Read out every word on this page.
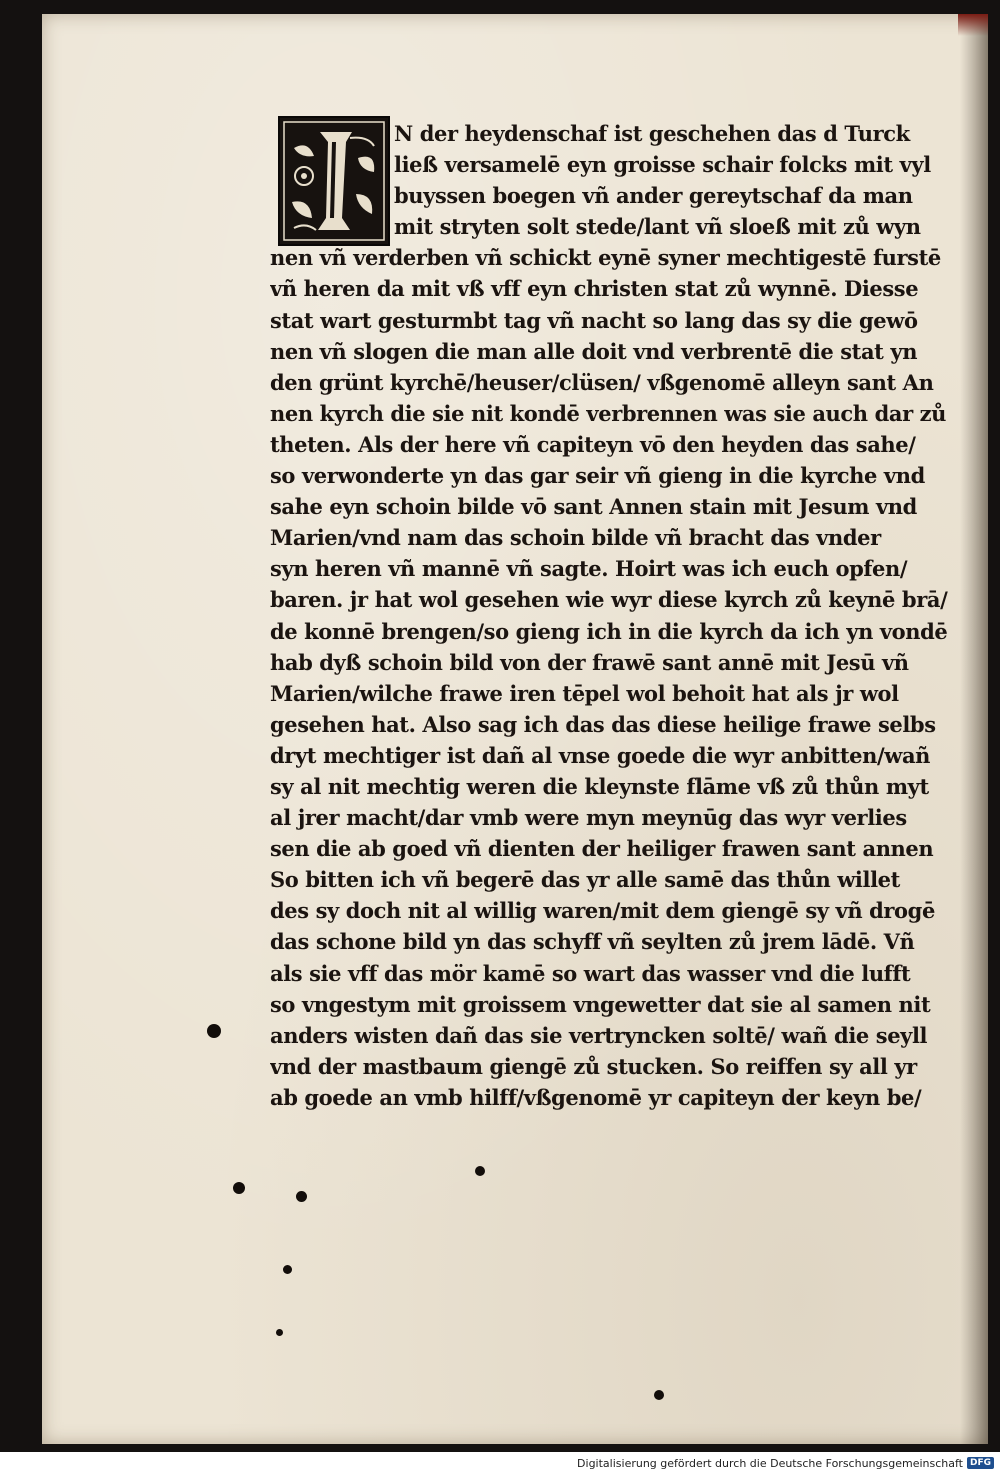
N der heydenschaf ist geschehen das d Turck
ließ versamelē eyn groisse schair folcks mit vyl
buyssen boegen vñ ander gereytschaf da man
mit stryten solt stede/lant vñ sloeß mit zů wyn
nen vñ verderben vñ schickt eynē syner mechtigestē furstē
vñ heren da mit vß vff eyn christen stat zů wynnē. Diesse
stat wart gesturmbt tag vñ nacht so lang das sy die gewō
nen vñ slogen die man alle doit vnd verbrentē die stat yn
den grünt kyrchē/heuser/clüsen/ vßgenomē alleyn sant An
nen kyrch die sie nit kondē verbrennen was sie auch dar zů
theten. Als der here vñ capiteyn vō den heyden das sahe/
so verwonderte yn das gar seir vñ gieng in die kyrche vnd
sahe eyn schoin bilde vō sant Annen stain mit Jesum vnd
Marien/vnd nam das schoin bilde vñ bracht das vnder
syn heren vñ mannē vñ sagte. Hoirt was ich euch opfen/
baren. jr hat wol gesehen wie wyr diese kyrch zů keynē brā/
de konnē brengen/so gieng ich in die kyrch da ich yn vondē
hab dyß schoin bild von der frawē sant annē mit Jesū vñ
Marien/wilche frawe iren tēpel wol behoit hat als jr wol
gesehen hat. Also sag ich das das diese heilige frawe selbs
dryt mechtiger ist dañ al vnse goede die wyr anbitten/wañ
sy al nit mechtig weren die kleynste flāme vß zů thůn myt
al jrer macht/dar vmb were myn meynūg das wyr verlies
sen die ab goed vñ dienten der heiliger frawen sant annen
So bitten ich vñ begerē das yr alle samē das thůn willet
des sy doch nit al willig waren/mit dem giengē sy vñ drogē
das schone bild yn das schyff vñ seylten zů jrem lādē. Vñ
als sie vff das mör kamē so wart das wasser vnd die lufft
so vngestym mit groissem vngewetter dat sie al samen nit
anders wisten dañ das sie vertryncken soltē/ wañ die seyll
vnd der mastbaum giengē zů stucken. So reiffen sy all yr
ab goede an vmb hilff/vßgenomē yr capiteyn der keyn be/
Digitalisierung gefördert durch die Deutsche Forschungsgemeinschaft DFG
